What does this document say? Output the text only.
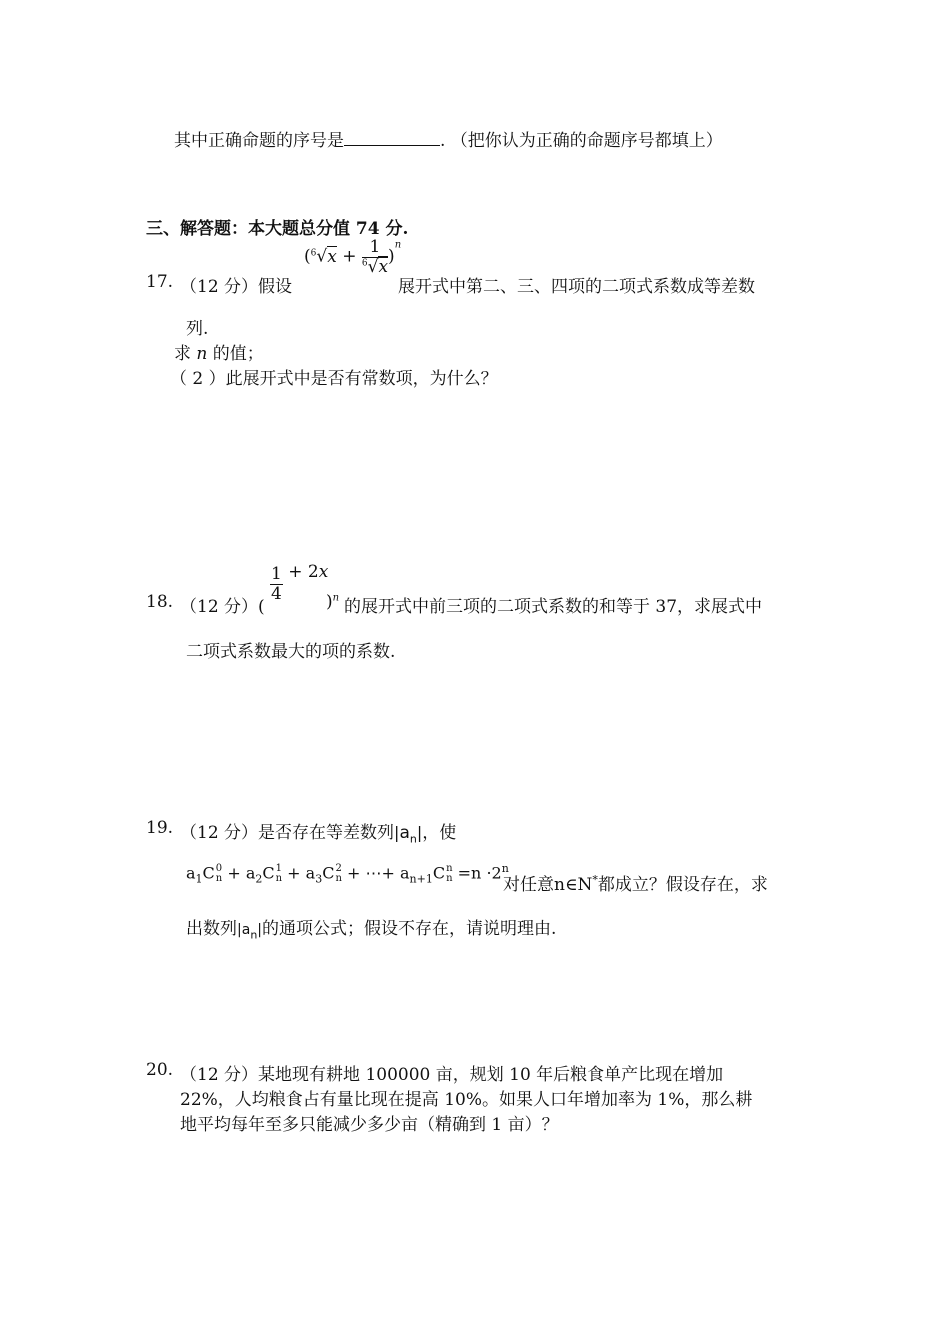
其中正确命题的序号是	. （把你认为正确的命题序号都填上）
三、解答题：本大题总分值 74 分.
$(^6√x + \frac{1}{^6√x} )^n$
17. （12 分）假设	展开式中第二、三、四项的二项式系数成等差数
列.
求 n 的值；
（ 2 ）此展开式中是否有常数项，为什么？
$\frac{1}{4} + 2x$
18. （12 分）(	)$^n$ 的展开式中前三项的二项式系数的和等于 37，求展式中
二项式系数最大的项的系数.
19. （12 分）是否存在等差数列$|a_n|$，使
$a_1C$ 0
$n + a_2C$ 1
$n + a_3C$ 2
n + ⋯+ $a_{n+1}C$ n
$n =n \cdot 2^n$
对任意n∈N*都成立？假设存在，求
出数列$|a_n|$的通项公式；假设不存在，请说明理由.
20. （12 分）某地现有耕地 100000 亩，规划 10 年后粮食单产比现在增加
22%，人均粮食占有量比现在提高 10%。如果人口年增加率为 1%，那么耕
地平均每年至多只能减少多少亩（精确到 1 亩）？
